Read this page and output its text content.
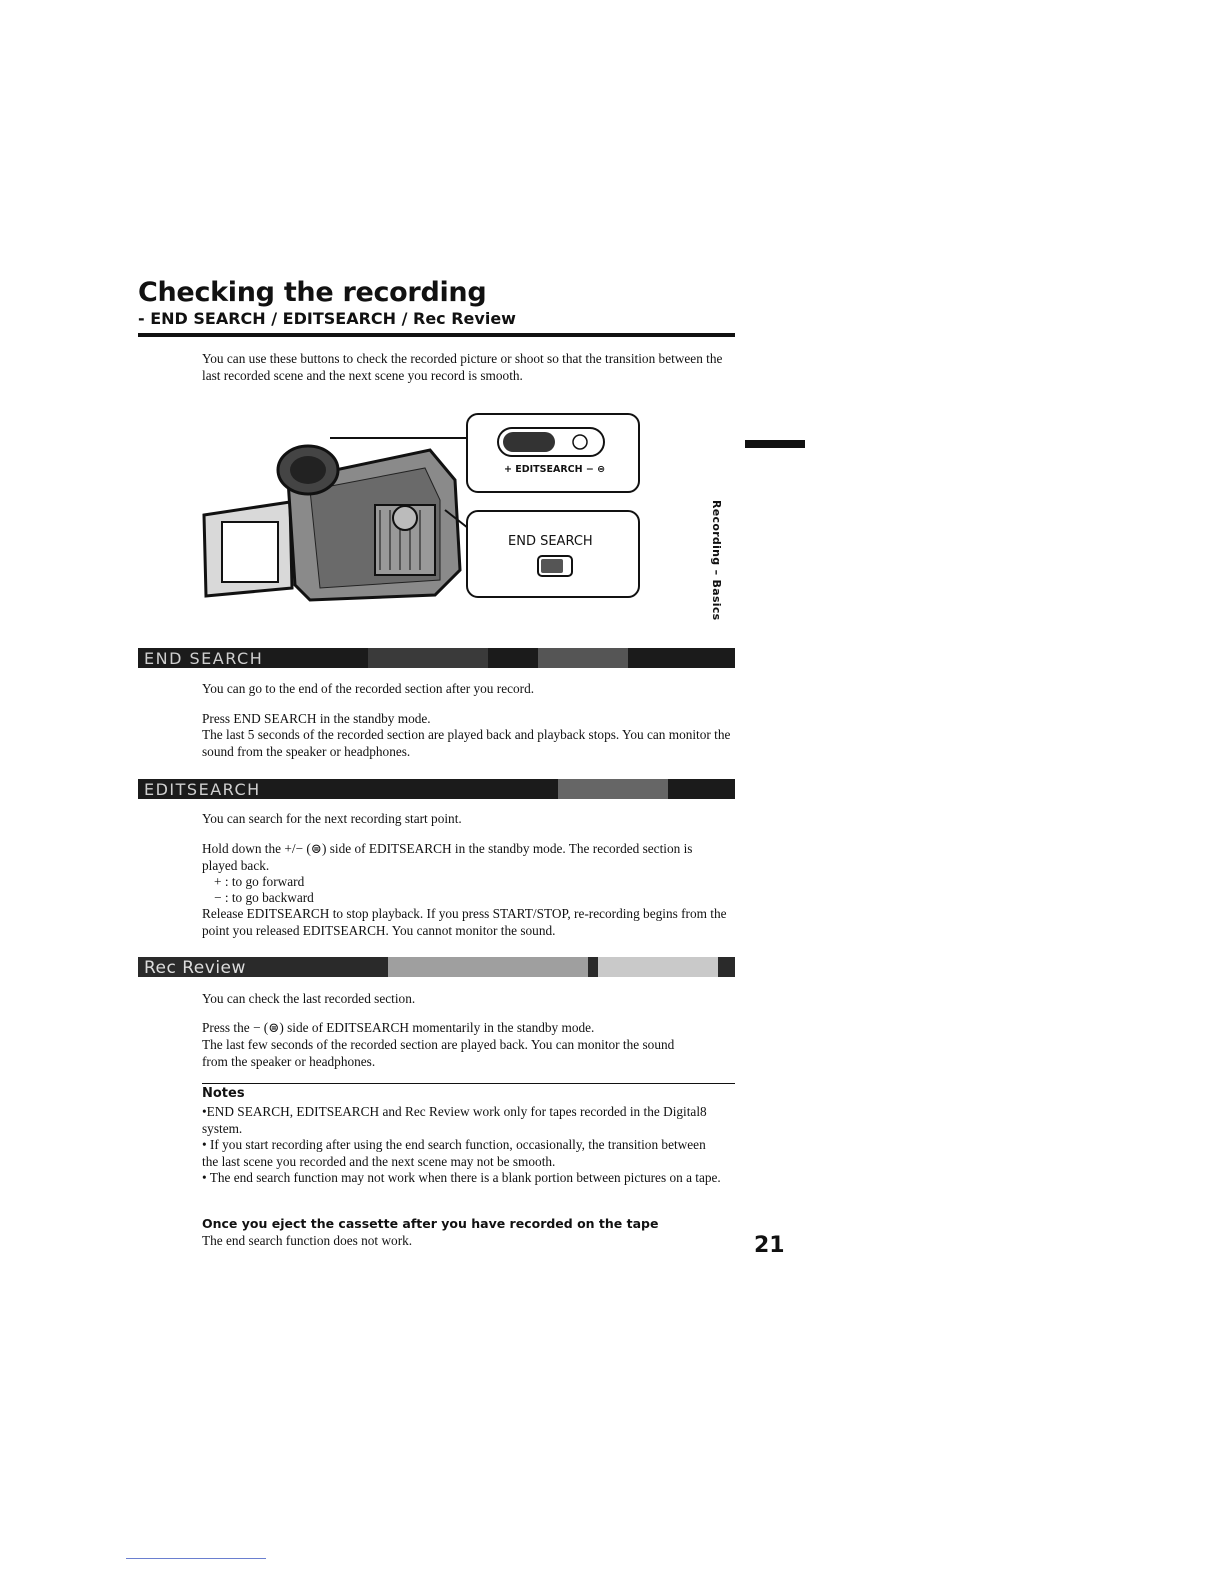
Checking the recording
- END SEARCH / EDITSEARCH / Rec Review
You can use these buttons to check the recorded picture or shoot so that the transition between the last recorded scene and the next scene you record is smooth.
+ EDITSEARCH − ⊜
END SEARCH	Recording – Basics
END SEARCH
You can go to the end of the recorded section after you record.
Press END SEARCH in the standby mode.
The last 5 seconds of the recorded section are played back and playback stops. You can monitor the sound from the speaker or headphones.
EDITSEARCH
You can search for the next recording start point.
Hold down the +/− (⊜) side of EDITSEARCH in the standby mode. The recorded section is played back.
+ : to go forward
− : to go backward
Release EDITSEARCH to stop playback. If you press START/STOP, re-recording begins from the point you released EDITSEARCH. You cannot monitor the sound.
Rec Review
You can check the last recorded section.
Press the − (⊜) side of EDITSEARCH momentarily in the standby mode.
The last few seconds of the recorded section are played back. You can monitor the sound from the speaker or headphones.
Notes
•END SEARCH, EDITSEARCH and Rec Review work only for tapes recorded in the Digital8 system.
• If you start recording after using the end search function, occasionally, the transition between the last scene you recorded and the next scene may not be smooth.
• The end search function may not work when there is a blank portion between pictures on a tape.
Once you eject the cassette after you have recorded on the tape
The end search function does not work.	21
